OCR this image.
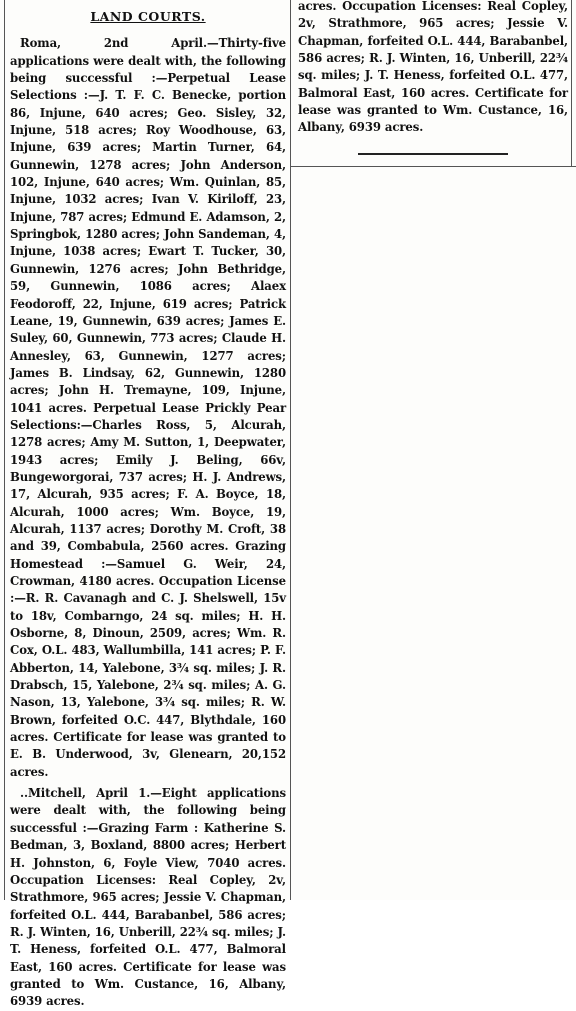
LAND COURTS.

Roma, 2nd April.—Thirty-five applications were dealt with, the following being successful :—Perpetual Lease Selections :—J. T. F. C. Benecke, portion 86, Injune, 640 acres; Geo. Sisley, 32, Injune, 518 acres; Roy Woodhouse, 63, Injune, 639 acres; Martin Turner, 64, Gunnewin, 1278 acres; John Anderson, 102, Injune, 640 acres; Wm. Quinlan, 85, Injune, 1032 acres; Ivan V. Kiriloff, 23, Injune, 787 acres; Edmund E. Adamson, 2, Springbok, 1280 acres; John Sandeman, 4, Injune, 1038 acres; Ewart T. Tucker, 30, Gunnewin, 1276 acres; John Bethridge, 59, Gunnewin, 1086 acres; Alaex Feodoroff, 22, Injune, 619 acres; Patrick Leane, 19, Gunnewin, 639 acres; James E. Suley, 60, Gunnewin, 773 acres; Claude H. Annesley, 63, Gunnewin, 1277 acres; James B. Lindsay, 62, Gunnewin, 1280 acres; John H. Tremayne, 109, Injune, 1041 acres. Perpetual Lease Prickly Pear Selections:—Charles Ross, 5, Alcurah, 1278 acres; Amy M. Sutton, 1, Deepwater, 1943 acres; Emily J. Beling, 66v, Bungeworgorai, 737 acres; H. J. Andrews, 17, Alcurah, 935 acres; F. A. Boyce, 18, Alcurah, 1000 acres; Wm. Boyce, 19, Alcurah, 1137 acres; Dorothy M. Croft, 38 and 39, Combabula, 2560 acres. Grazing Homestead :—Samuel G. Weir, 24, Crowman, 4180 acres. Occupation License :—R. R. Cavanagh and C. J. Shelswell, 15v to 18v, Combarngo, 24 sq. miles; H. H. Osborne, 8, Dinoun, 2509, acres; Wm. R. Cox, O.L. 483, Wallumbilla, 141 acres; P. F. Abberton, 14, Yalebone, 3¾ sq. miles; J. R. Drabsch, 15, Yalebone, 2¾ sq. miles; A. G. Nason, 13, Yalebone, 3¾ sq. miles; R. W. Brown, forfeited O.C. 447, Blythdale, 160 acres. Certificate for lease was granted to E. B. Underwood, 3v, Glenearn, 20,152 acres.

..Mitchell, April 1.—Eight applications were dealt with, the following being successful :—Grazing Farm : Katherine S. Bedman, 3, Boxland, 8800 acres; Herbert H. Johnston, 6, Foyle View, 7040 acres. Occupation Licenses: Real Copley, 2v, Strathmore, 965 acres; Jessie V. Chapman, forfeited O.L. 444, Barabanbel, 586 acres; R. J. Winten, 16, Unberill, 22¾ sq. miles; J. T. Heness, forfeited O.L. 477, Balmoral East, 160 acres. Certificate for lease was granted to Wm. Custance, 16, Albany, 6939 acres.

acres. Occupation Licenses: Real Copley, 2v, Strathmore, 965 acres; Jessie V. Chapman, forfeited O.L. 444, Barabanbel, 586 acres; R. J. Winten, 16, Unberill, 22¾ sq. miles; J. T. Heness, forfeited O.L. 477, Balmoral East, 160 acres. Certificate for lease was granted to Wm. Custance, 16, Albany, 6939 acres.
